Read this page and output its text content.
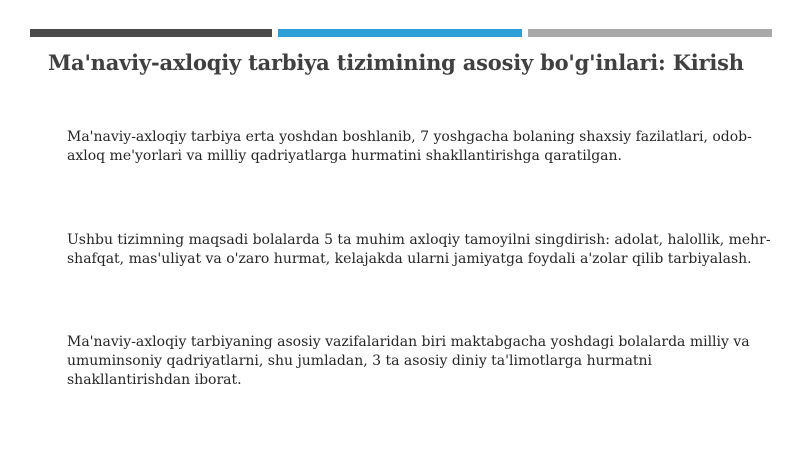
Ma'naviy-axloqiy tarbiya tizimining asosiy bo'g'inlari: Kirish
Ma'naviy-axloqiy tarbiya erta yoshdan boshlanib, 7 yoshgacha bolaning shaxsiy fazilatlari, odob-axloq me'yorlari va milliy qadriyatlarga hurmatini shakllantirishga qaratilgan.
Ushbu tizimning maqsadi bolalarda 5 ta muhim axloqiy tamoyilni singdirish: adolat, halollik, mehr-shafqat, mas'uliyat va o'zaro hurmat, kelajakda ularni jamiyatga foydali a'zolar qilib tarbiyalash.
Ma'naviy-axloqiy tarbiyaning asosiy vazifalaridan biri maktabgacha yoshdagi bolalarda milliy va umuminsoniy qadriyatlarni, shu jumladan, 3 ta asosiy diniy ta'limotlarga hurmatni shakllantirishdan iborat.
